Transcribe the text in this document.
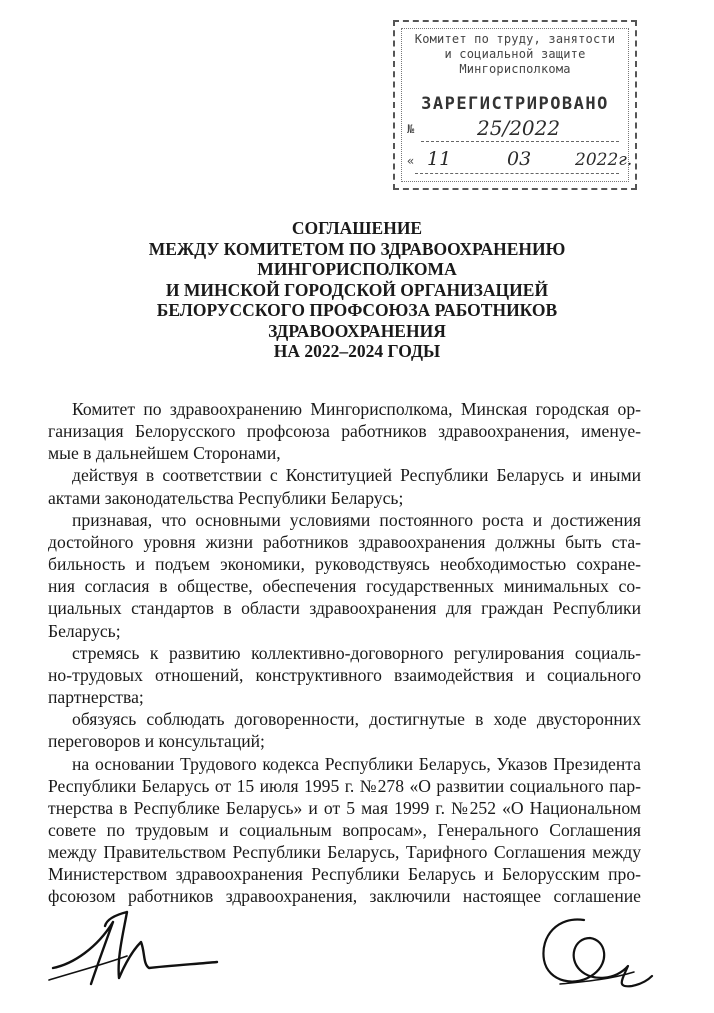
Комитет по труду, занятости
и социальной защите
Мингорисполкома
ЗАРЕГИСТРИРОВАНО
№	25/2022
« 11	03	2022г.
СОГЛАШЕНИЕ
МЕЖДУ КОМИТЕТОМ ПО ЗДРАВООХРАНЕНИЮ
МИНГОРИСПОЛКОМА
И МИНСКОЙ ГОРОДСКОЙ ОРГАНИЗАЦИЕЙ
БЕЛОРУССКОГО ПРОФСОЮЗА РАБОТНИКОВ
ЗДРАВООХРАНЕНИЯ
НА 2022–2024 ГОДЫ
Комитет по здравоохранению Мингорисполкома, Минская городская ор-
ганизация Белорусского профсоюза работников здравоохранения, именуе-
мые в дальнейшем Сторонами,
действуя в соответствии с Конституцией Республики Беларусь и иными
актами законодательства Республики Беларусь;
признавая, что основными условиями постоянного роста и достижения
достойного уровня жизни работников здравоохранения должны быть ста-
бильность и подъем экономики, руководствуясь необходимостью сохране-
ния согласия в обществе, обеспечения государственных минимальных со-
циальных стандартов в области здравоохранения для граждан Республики
Беларусь;
стремясь к развитию коллективно-договорного регулирования социаль-
но-трудовых отношений, конструктивного взаимодействия и социального
партнерства;
обязуясь соблюдать договоренности, достигнутые в ходе двусторонних
переговоров и консультаций;
на основании Трудового кодекса Республики Беларусь, Указов Президента
Республики Беларусь от 15 июля 1995 г. №278 «О развитии социального пар-
тнерства в Республике Беларусь» и от 5 мая 1999 г. №252 «О Национальном
совете по трудовым и социальным вопросам», Генерального Соглашения
между Правительством Республики Беларусь, Тарифного Соглашения между
Министерством здравоохранения Республики Беларусь и Белорусским про-
фсоюзом работников здравоохранения, заключили настоящее соглашение
